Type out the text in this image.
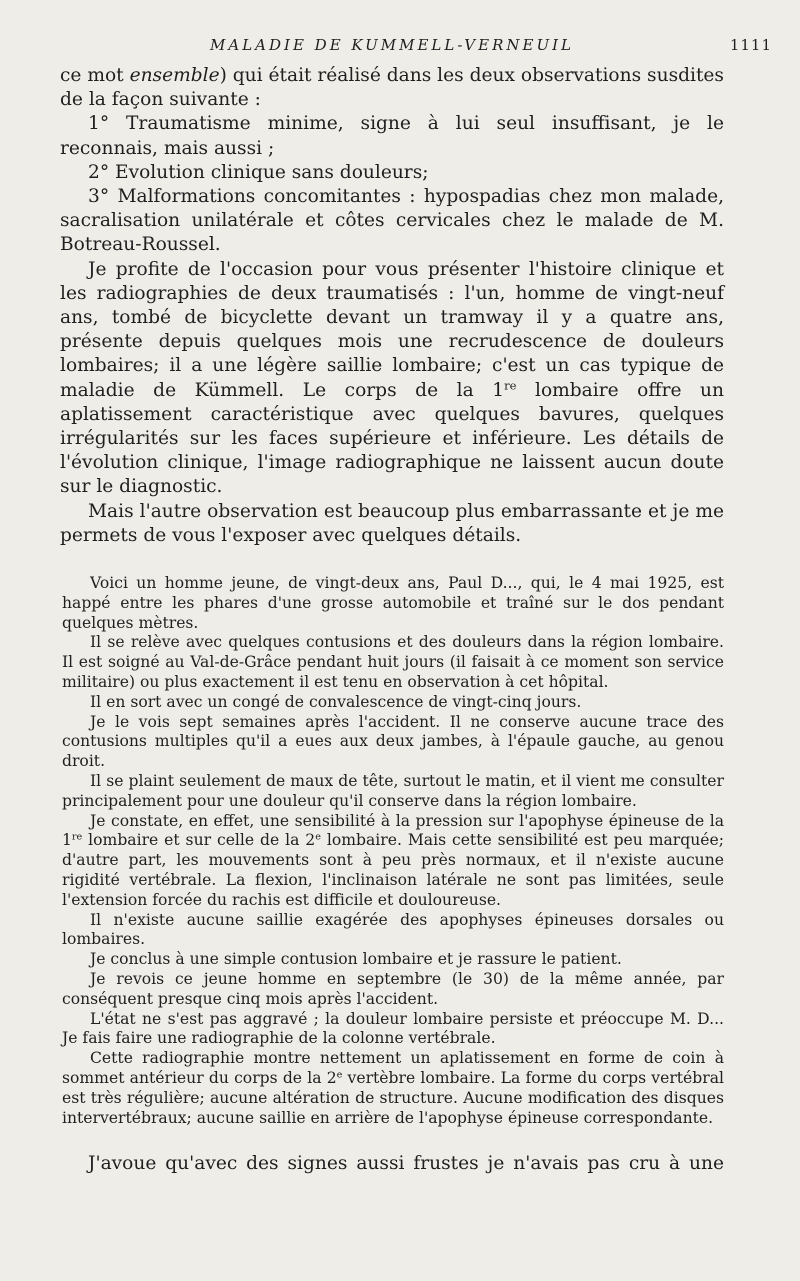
MALADIE DE KUMMELL-VERNEUIL	1111

ce mot ensemble) qui était réalisé dans les deux observations susdites de la façon suivante :

1° Traumatisme minime, signe à lui seul insuffisant, je le reconnais, mais aussi ;

2° Evolution clinique sans douleurs;

3° Malformations concomitantes : hypospadias chez mon malade, sacralisation unilatérale et côtes cervicales chez le malade de M. Botreau-Roussel.

Je profite de l'occasion pour vous présenter l'histoire clinique et les radiographies de deux traumatisés : l'un, homme de vingt-neuf ans, tombé de bicyclette devant un tramway il y a quatre ans, présente depuis quelques mois une recrudescence de douleurs lombaires; il a une légère saillie lombaire; c'est un cas typique de maladie de Kümmell. Le corps de la 1re lombaire offre un aplatissement caractéristique avec quelques bavures, quelques irrégularités sur les faces supérieure et inférieure. Les détails de l'évolution clinique, l'image radiographique ne laissent aucun doute sur le diagnostic.

Mais l'autre observation est beaucoup plus embarrassante et je me permets de vous l'exposer avec quelques détails.

Voici un homme jeune, de vingt-deux ans, Paul D..., qui, le 4 mai 1925, est happé entre les phares d'une grosse automobile et traîné sur le dos pendant quelques mètres.

Il se relève avec quelques contusions et des douleurs dans la région lombaire. Il est soigné au Val-de-Grâce pendant huit jours (il faisait à ce moment son service militaire) ou plus exactement il est tenu en observation à cet hôpital.

Il en sort avec un congé de convalescence de vingt-cinq jours.

Je le vois sept semaines après l'accident. Il ne conserve aucune trace des contusions multiples qu'il a eues aux deux jambes, à l'épaule gauche, au genou droit.

Il se plaint seulement de maux de tête, surtout le matin, et il vient me consulter principalement pour une douleur qu'il conserve dans la région lombaire.

Je constate, en effet, une sensibilité à la pression sur l'apophyse épineuse de la 1re lombaire et sur celle de la 2e lombaire. Mais cette sensibilité est peu marquée; d'autre part, les mouvements sont à peu près normaux, et il n'existe aucune rigidité vertébrale. La flexion, l'inclinaison latérale ne sont pas limitées, seule l'extension forcée du rachis est difficile et douloureuse.

Il n'existe aucune saillie exagérée des apophyses épineuses dorsales ou lombaires.

Je conclus à une simple contusion lombaire et je rassure le patient.

Je revois ce jeune homme en septembre (le 30) de la même année, par conséquent presque cinq mois après l'accident.

L'état ne s'est pas aggravé ; la douleur lombaire persiste et préoccupe M. D... Je fais faire une radiographie de la colonne vertébrale.

Cette radiographie montre nettement un aplatissement en forme de coin à sommet antérieur du corps de la 2e vertèbre lombaire. La forme du corps vertébral est très régulière; aucune altération de structure. Aucune modification des disques intervertébraux; aucune saillie en arrière de l'apophyse épineuse correspondante.

J'avoue qu'avec des signes aussi frustes je n'avais pas cru à une
